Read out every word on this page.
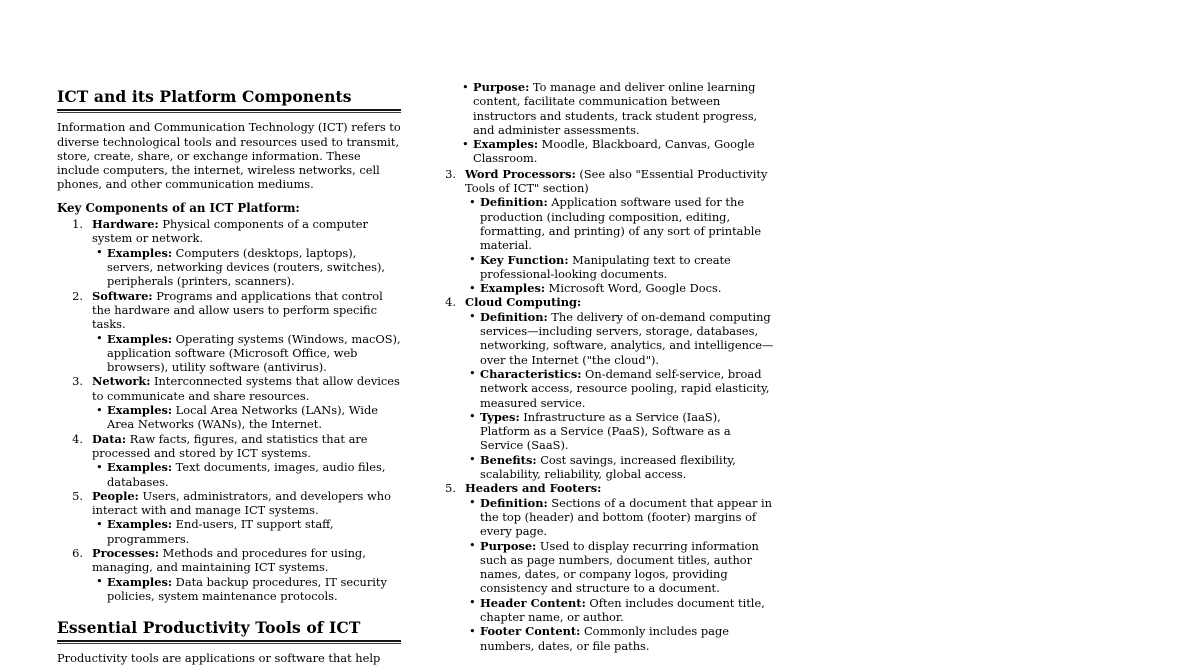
ICT and its Platform Components

Information and Communication Technology (ICT) refers to diverse technological tools and resources used to transmit, store, create, share, or exchange information. These include computers, the internet, wireless networks, cell phones, and other communication mediums.

Key Components of an ICT Platform:
Hardware: Physical components of a computer system or network.
• Examples: Computers (desktops, laptops), servers, networking devices (routers, switches), peripherals (printers, scanners).
Software: Programs and applications that control the hardware and allow users to perform specific tasks.
• Examples: Operating systems (Windows, macOS), application software (Microsoft Office, web browsers), utility software (antivirus).
Network: Interconnected systems that allow devices to communicate and share resources.
• Examples: Local Area Networks (LANs), Wide Area Networks (WANs), the Internet.
Data: Raw facts, figures, and statistics that are processed and stored by ICT systems.
• Examples: Text documents, images, audio files, databases.
People: Users, administrators, and developers who interact with and manage ICT systems.
• Examples: End-users, IT support staff, programmers.
Processes: Methods and procedures for using, managing, and maintaining ICT systems.
• Examples: Data backup procedures, IT security policies, system maintenance protocols.
Essential Productivity Tools of ICT

Productivity tools are applications or software that help

• Purpose: To manage and deliver online learning content, facilitate communication between instructors and students, track student progress, and administer assessments.
• Examples: Moodle, Blackboard, Canvas, Google Classroom.
Word Processors: (See also "Essential Productivity Tools of ICT" section)
• Definition: Application software used for the production (including composition, editing, formatting, and printing) of any sort of printable material.
• Key Function: Manipulating text to create professional-looking documents.
• Examples: Microsoft Word, Google Docs.
Cloud Computing:
• Definition: The delivery of on-demand computing services—including servers, storage, databases, networking, software, analytics, and intelligence—over the Internet ("the cloud").
• Characteristics: On-demand self-service, broad network access, resource pooling, rapid elasticity, measured service.
• Types: Infrastructure as a Service (IaaS), Platform as a Service (PaaS), Software as a Service (SaaS).
• Benefits: Cost savings, increased flexibility, scalability, reliability, global access.
Headers and Footers:
• Definition: Sections of a document that appear in the top (header) and bottom (footer) margins of every page.
• Purpose: Used to display recurring information such as page numbers, document titles, author names, dates, or company logos, providing consistency and structure to a document.
• Header Content: Often includes document title, chapter name, or author.
• Footer Content: Commonly includes page numbers, dates, or file paths.
